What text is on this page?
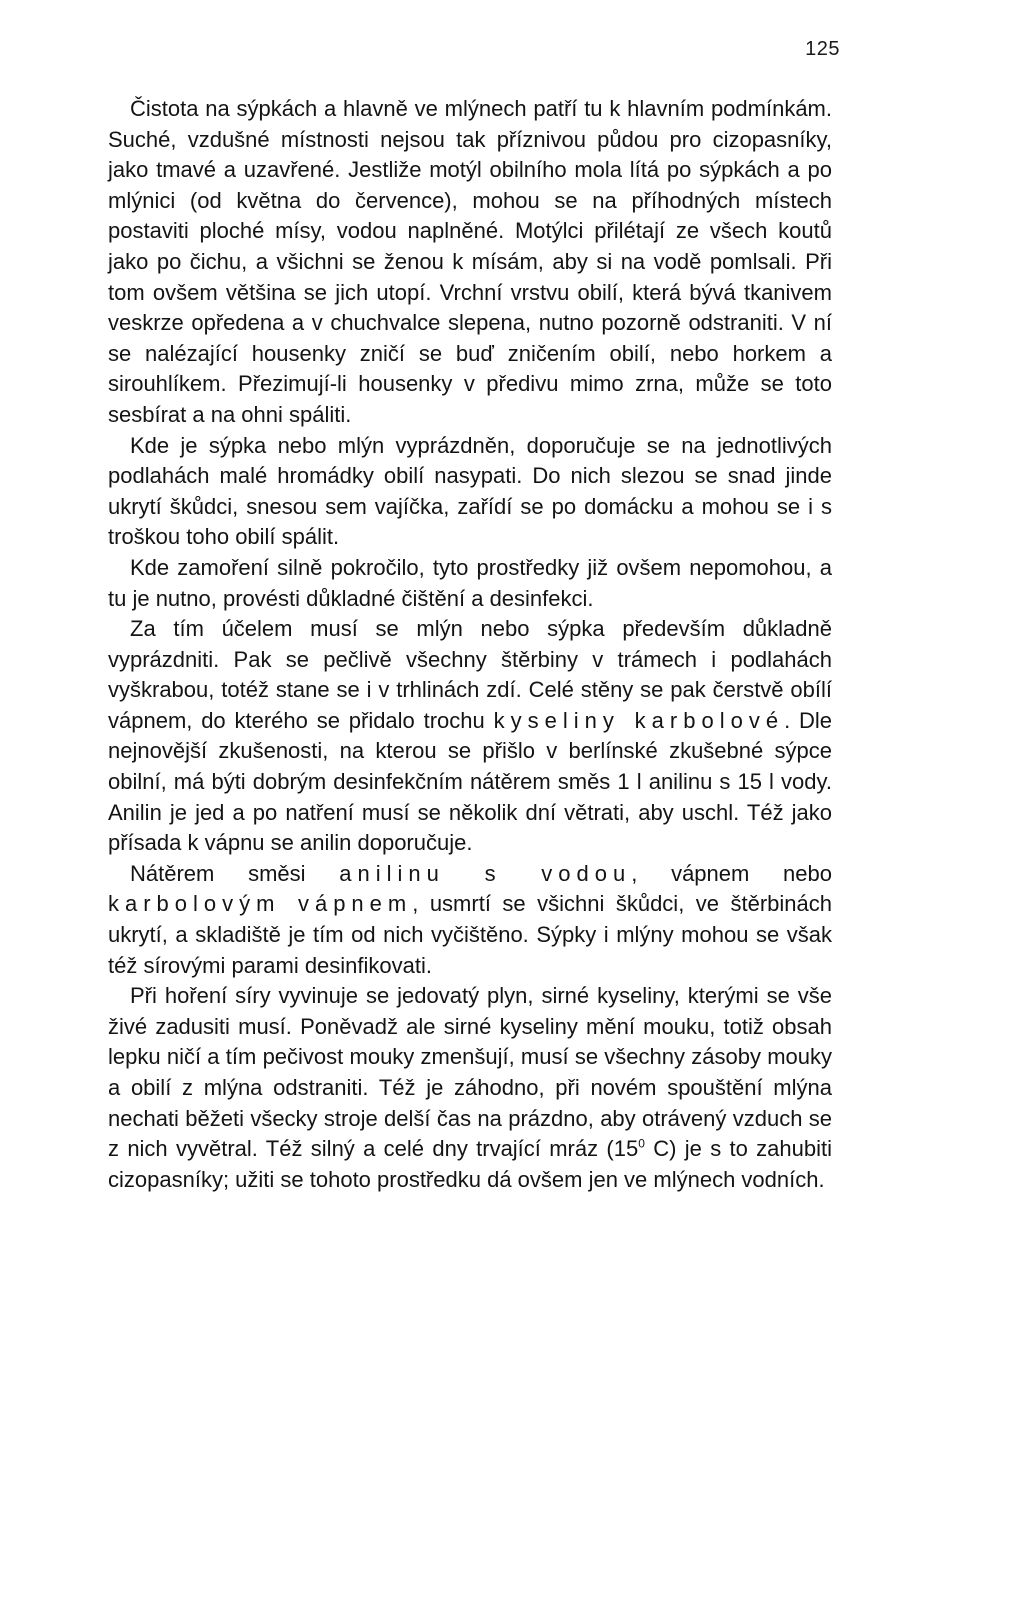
125

Čistota na sýpkách a hlavně ve mlýnech patří tu k hlavním podmínkám. Suché, vzdušné místnosti nejsou tak příznivou půdou pro cizopasníky, jako tmavé a uzavřené. Jestliže motýl obilního mola lítá po sýpkách a po mlýnici (od května do července), mohou se na příhodných místech postaviti ploché mísy, vodou naplněné. Motýlci přilétají ze všech koutů jako po čichu, a všichni se ženou k mísám, aby si na vodě pomlsali. Při tom ovšem většina se jich utopí. Vrchní vrstvu obilí, která bývá tkanivem veskrze opředena a v chuchvalce slepena, nutno pozorně odstraniti. V ní se nalézající housenky zničí se buď zničením obilí, nebo horkem a sirouhlíkem. Přezimují-li housenky v předivu mimo zrna, může se toto sesbírat a na ohni spáliti.

Kde je sýpka nebo mlýn vyprázdněn, doporučuje se na jednotlivých podlahách malé hromádky obilí nasypati. Do nich slezou se snad jinde ukrytí škůdci, snesou sem vajíčka, zařídí se po domácku a mohou se i s troškou toho obilí spálit.

Kde zamoření silně pokročilo, tyto prostředky již ovšem nepomohou, a tu je nutno, provésti důkladné čištění a desinfekci.

Za tím účelem musí se mlýn nebo sýpka především důkladně vyprázdniti. Pak se pečlivě všechny štěrbiny v trámech i podlahách vyškrabou, totéž stane se i v trhlinách zdí. Celé stěny se pak čerstvě obílí vápnem, do kterého se přidalo trochu kyseliny karbolové. Dle nejnovější zkušenosti, na kterou se přišlo v berlínské zkušebné sýpce obilní, má býti dobrým desinfekčním nátěrem směs 1 l anilinu s 15 l vody. Anilin je jed a po natření musí se několik dní větrati, aby uschl. Též jako přísada k vápnu se anilin doporučuje.

Nátěrem směsi anilinu s vodou, vápnem nebo karbolovým vápnem, usmrtí se všichni škůdci, ve štěrbinách ukrytí, a skladiště je tím od nich vyčištěno. Sýpky i mlýny mohou se však též sírovými parami desinfikovati.

Při hoření síry vyvinuje se jedovatý plyn, sirné kyseliny, kterými se vše živé zadusiti musí. Poněvadž ale sirné kyseliny mění mouku, totiž obsah lepku ničí a tím pečivost mouky zmenšují, musí se všechny zásoby mouky a obilí z mlýna odstraniti. Též je záhodno, při novém spouštění mlýna nechati běžeti všecky stroje delší čas na prázdno, aby otrávený vzduch se z nich vyvětral. Též silný a celé dny trvající mráz ($15^0$ C) je s to zahubiti cizopasníky; užiti se tohoto prostředku dá ovšem jen ve mlýnech vodních.
